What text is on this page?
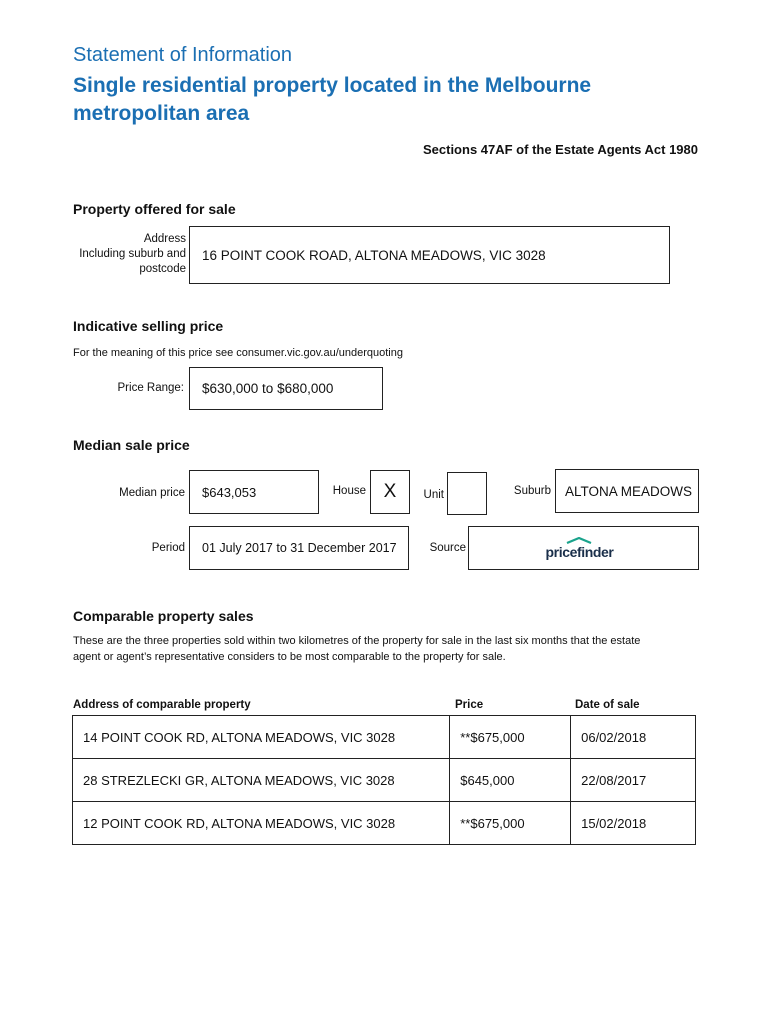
Statement of Information
Single residential property located in the Melbourne metropolitan area
Sections 47AF of the Estate Agents Act 1980
Property offered for sale
Address
Including suburb and
postcode
16 POINT COOK ROAD, ALTONA MEADOWS, VIC 3028
Indicative selling price
For the meaning of this price see consumer.vic.gov.au/underquoting
Price Range: $630,000 to $680,000
Median sale price
Median price $643,053	House X	Unit	Suburb ALTONA MEADOWS
Period 01 July 2017 to 31 December 2017	Source	pricefinder
Comparable property sales
These are the three properties sold within two kilometres of the property for sale in the last six months that the estate
agent or agent’s representative considers to be most comparable to the property for sale.
Address of comparable property	Price	Date of sale
14 POINT COOK RD, ALTONA MEADOWS, VIC 3028	**$675,000	06/02/2018
28 STREZLECKI GR, ALTONA MEADOWS, VIC 3028	$645,000	22/08/2017
12 POINT COOK RD, ALTONA MEADOWS, VIC 3028	**$675,000	15/02/2018
